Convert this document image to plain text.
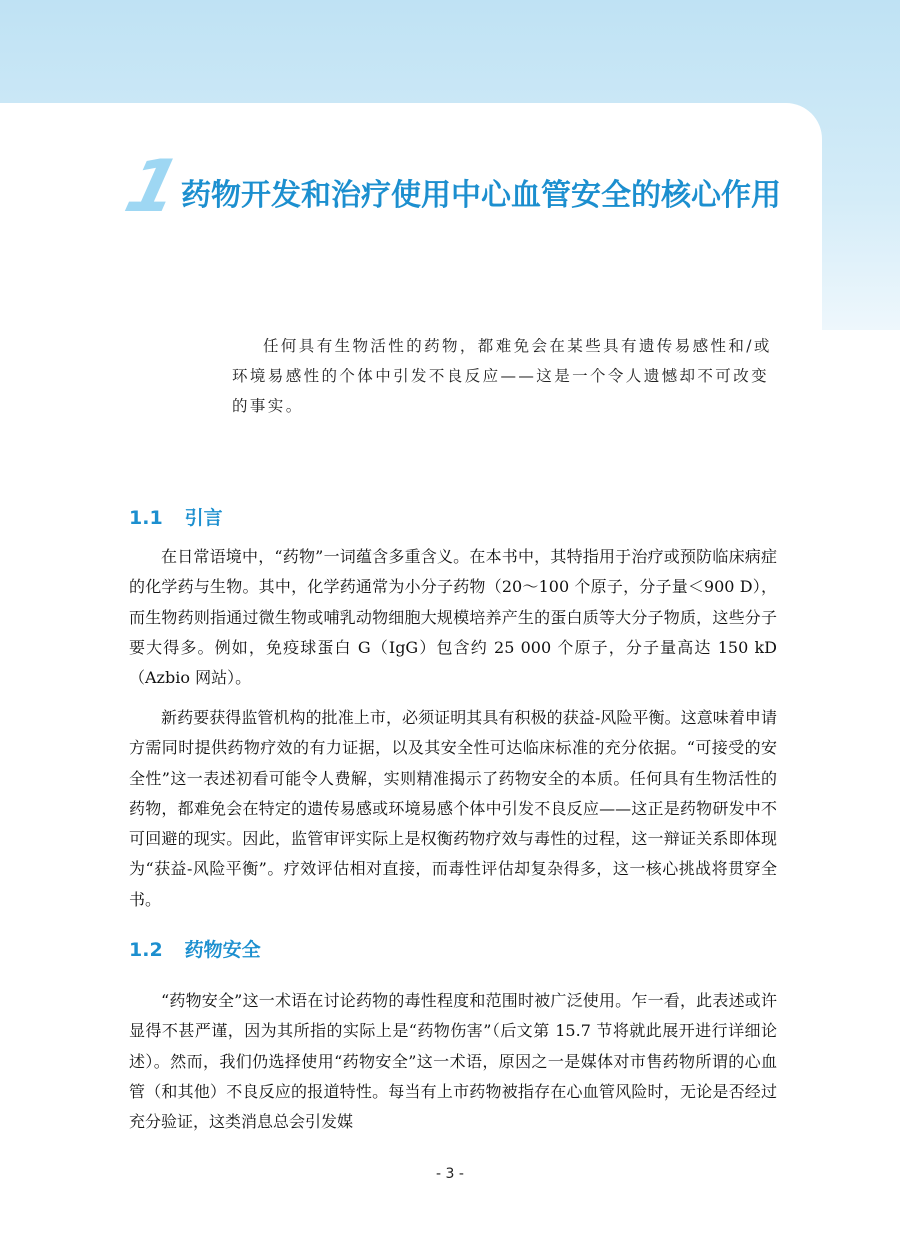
1
药物开发和治疗使用中心血管安全的核心作用

任何具有生物活性的药物，都难免会在某些具有遗传易感性和/或环境易感性的个体中引发不良反应——这是一个令人遗憾却不可改变的事实。

1.1 引言

在日常语境中，“药物”一词蕴含多重含义。在本书中，其特指用于治疗或预防临床病症的化学药与生物。其中，化学药通常为小分子药物（20～100 个原子，分子量＜900 D），而生物药则指通过微生物或哺乳动物细胞大规模培养产生的蛋白质等大分子物质，这些分子要大得多。例如，免疫球蛋白 G（IgG）包含约 25 000 个原子，分子量高达 150 kD（Azbio 网站）。

新药要获得监管机构的批准上市，必须证明其具有积极的获益-风险平衡。这意味着申请方需同时提供药物疗效的有力证据，以及其安全性可达临床标准的充分依据。“可接受的安全性”这一表述初看可能令人费解，实则精准揭示了药物安全的本质。任何具有生物活性的药物，都难免会在特定的遗传易感或环境易感个体中引发不良反应——这正是药物研发中不可回避的现实。因此，监管审评实际上是权衡药物疗效与毒性的过程，这一辩证关系即体现为“获益-风险平衡”。疗效评估相对直接，而毒性评估却复杂得多，这一核心挑战将贯穿全书。

1.2 药物安全

“药物安全”这一术语在讨论药物的毒性程度和范围时被广泛使用。乍一看，此表述或许显得不甚严谨，因为其所指的实际上是“药物伤害”（后文第 15.7 节将就此展开进行详细论述）。然而，我们仍选择使用“药物安全”这一术语，原因之一是媒体对市售药物所谓的心血管（和其他）不良反应的报道特性。每当有上市药物被指存在心血管风险时，无论是否经过充分验证，这类消息总会引发媒

- 3 -
